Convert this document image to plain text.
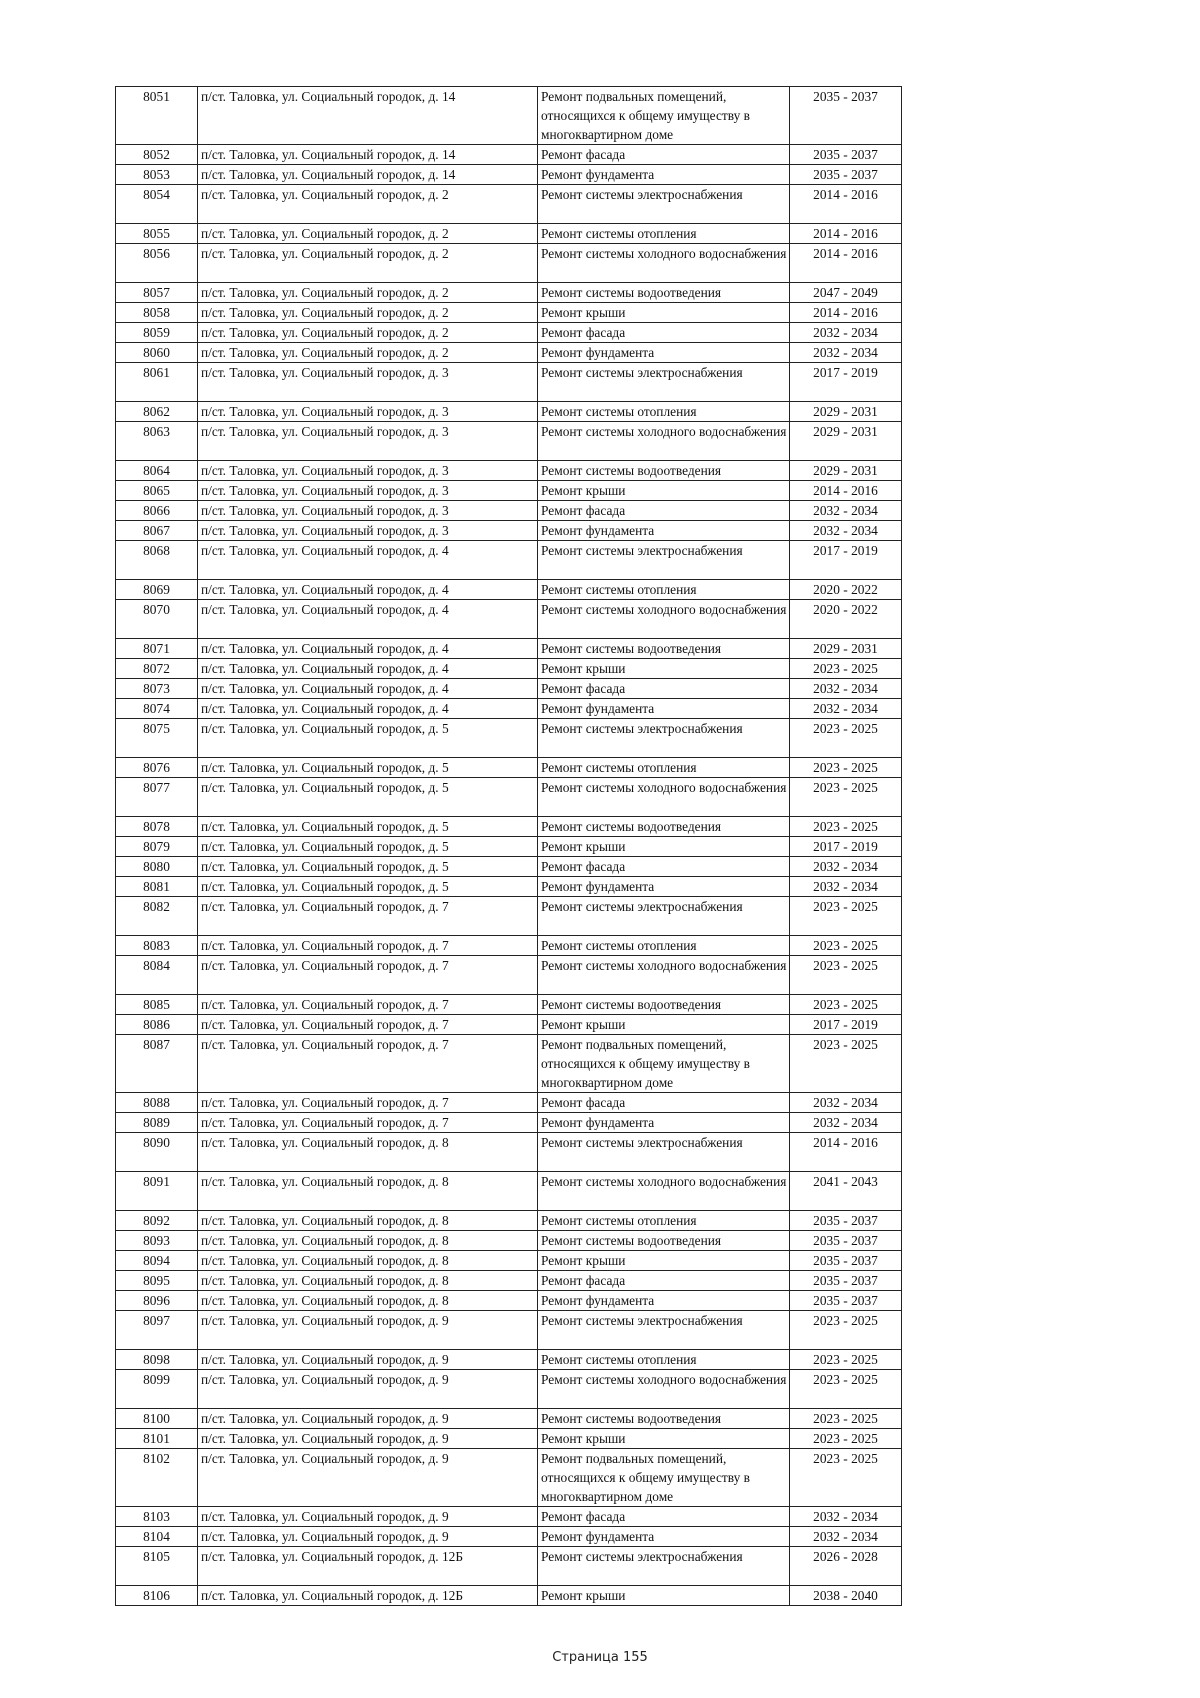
8051	п/ст. Таловка, ул. Социальный городок, д. 14	Ремонт подвальных помещений, относящихся к общему имуществу в многоквартирном доме	2035 - 2037
8052	п/ст. Таловка, ул. Социальный городок, д. 14	Ремонт фасада	2035 - 2037
8053	п/ст. Таловка, ул. Социальный городок, д. 14	Ремонт фундамента	2035 - 2037
8054	п/ст. Таловка, ул. Социальный городок, д. 2	Ремонт системы электроснабжения	2014 - 2016
8055	п/ст. Таловка, ул. Социальный городок, д. 2	Ремонт системы отопления	2014 - 2016
8056	п/ст. Таловка, ул. Социальный городок, д. 2	Ремонт системы холодного водоснабжения	2014 - 2016
8057	п/ст. Таловка, ул. Социальный городок, д. 2	Ремонт системы водоотведения	2047 - 2049
8058	п/ст. Таловка, ул. Социальный городок, д. 2	Ремонт крыши	2014 - 2016
8059	п/ст. Таловка, ул. Социальный городок, д. 2	Ремонт фасада	2032 - 2034
8060	п/ст. Таловка, ул. Социальный городок, д. 2	Ремонт фундамента	2032 - 2034
8061	п/ст. Таловка, ул. Социальный городок, д. 3	Ремонт системы электроснабжения	2017 - 2019
8062	п/ст. Таловка, ул. Социальный городок, д. 3	Ремонт системы отопления	2029 - 2031
8063	п/ст. Таловка, ул. Социальный городок, д. 3	Ремонт системы холодного водоснабжения	2029 - 2031
8064	п/ст. Таловка, ул. Социальный городок, д. 3	Ремонт системы водоотведения	2029 - 2031
8065	п/ст. Таловка, ул. Социальный городок, д. 3	Ремонт крыши	2014 - 2016
8066	п/ст. Таловка, ул. Социальный городок, д. 3	Ремонт фасада	2032 - 2034
8067	п/ст. Таловка, ул. Социальный городок, д. 3	Ремонт фундамента	2032 - 2034
8068	п/ст. Таловка, ул. Социальный городок, д. 4	Ремонт системы электроснабжения	2017 - 2019
8069	п/ст. Таловка, ул. Социальный городок, д. 4	Ремонт системы отопления	2020 - 2022
8070	п/ст. Таловка, ул. Социальный городок, д. 4	Ремонт системы холодного водоснабжения	2020 - 2022
8071	п/ст. Таловка, ул. Социальный городок, д. 4	Ремонт системы водоотведения	2029 - 2031
8072	п/ст. Таловка, ул. Социальный городок, д. 4	Ремонт крыши	2023 - 2025
8073	п/ст. Таловка, ул. Социальный городок, д. 4	Ремонт фасада	2032 - 2034
8074	п/ст. Таловка, ул. Социальный городок, д. 4	Ремонт фундамента	2032 - 2034
8075	п/ст. Таловка, ул. Социальный городок, д. 5	Ремонт системы электроснабжения	2023 - 2025
8076	п/ст. Таловка, ул. Социальный городок, д. 5	Ремонт системы отопления	2023 - 2025
8077	п/ст. Таловка, ул. Социальный городок, д. 5	Ремонт системы холодного водоснабжения	2023 - 2025
8078	п/ст. Таловка, ул. Социальный городок, д. 5	Ремонт системы водоотведения	2023 - 2025
8079	п/ст. Таловка, ул. Социальный городок, д. 5	Ремонт крыши	2017 - 2019
8080	п/ст. Таловка, ул. Социальный городок, д. 5	Ремонт фасада	2032 - 2034
8081	п/ст. Таловка, ул. Социальный городок, д. 5	Ремонт фундамента	2032 - 2034
8082	п/ст. Таловка, ул. Социальный городок, д. 7	Ремонт системы электроснабжения	2023 - 2025
8083	п/ст. Таловка, ул. Социальный городок, д. 7	Ремонт системы отопления	2023 - 2025
8084	п/ст. Таловка, ул. Социальный городок, д. 7	Ремонт системы холодного водоснабжения	2023 - 2025
8085	п/ст. Таловка, ул. Социальный городок, д. 7	Ремонт системы водоотведения	2023 - 2025
8086	п/ст. Таловка, ул. Социальный городок, д. 7	Ремонт крыши	2017 - 2019
8087	п/ст. Таловка, ул. Социальный городок, д. 7	Ремонт подвальных помещений, относящихся к общему имуществу в многоквартирном доме	2023 - 2025
8088	п/ст. Таловка, ул. Социальный городок, д. 7	Ремонт фасада	2032 - 2034
8089	п/ст. Таловка, ул. Социальный городок, д. 7	Ремонт фундамента	2032 - 2034
8090	п/ст. Таловка, ул. Социальный городок, д. 8	Ремонт системы электроснабжения	2014 - 2016
8091	п/ст. Таловка, ул. Социальный городок, д. 8	Ремонт системы холодного водоснабжения	2041 - 2043
8092	п/ст. Таловка, ул. Социальный городок, д. 8	Ремонт системы отопления	2035 - 2037
8093	п/ст. Таловка, ул. Социальный городок, д. 8	Ремонт системы водоотведения	2035 - 2037
8094	п/ст. Таловка, ул. Социальный городок, д. 8	Ремонт крыши	2035 - 2037
8095	п/ст. Таловка, ул. Социальный городок, д. 8	Ремонт фасада	2035 - 2037
8096	п/ст. Таловка, ул. Социальный городок, д. 8	Ремонт фундамента	2035 - 2037
8097	п/ст. Таловка, ул. Социальный городок, д. 9	Ремонт системы электроснабжения	2023 - 2025
8098	п/ст. Таловка, ул. Социальный городок, д. 9	Ремонт системы отопления	2023 - 2025
8099	п/ст. Таловка, ул. Социальный городок, д. 9	Ремонт системы холодного водоснабжения	2023 - 2025
8100	п/ст. Таловка, ул. Социальный городок, д. 9	Ремонт системы водоотведения	2023 - 2025
8101	п/ст. Таловка, ул. Социальный городок, д. 9	Ремонт крыши	2023 - 2025
8102	п/ст. Таловка, ул. Социальный городок, д. 9	Ремонт подвальных помещений, относящихся к общему имуществу в многоквартирном доме	2023 - 2025
8103	п/ст. Таловка, ул. Социальный городок, д. 9	Ремонт фасада	2032 - 2034
8104	п/ст. Таловка, ул. Социальный городок, д. 9	Ремонт фундамента	2032 - 2034
8105	п/ст. Таловка, ул. Социальный городок, д. 12Б	Ремонт системы электроснабжения	2026 - 2028
8106	п/ст. Таловка, ул. Социальный городок, д. 12Б	Ремонт крыши	2038 - 2040
Страница 155
